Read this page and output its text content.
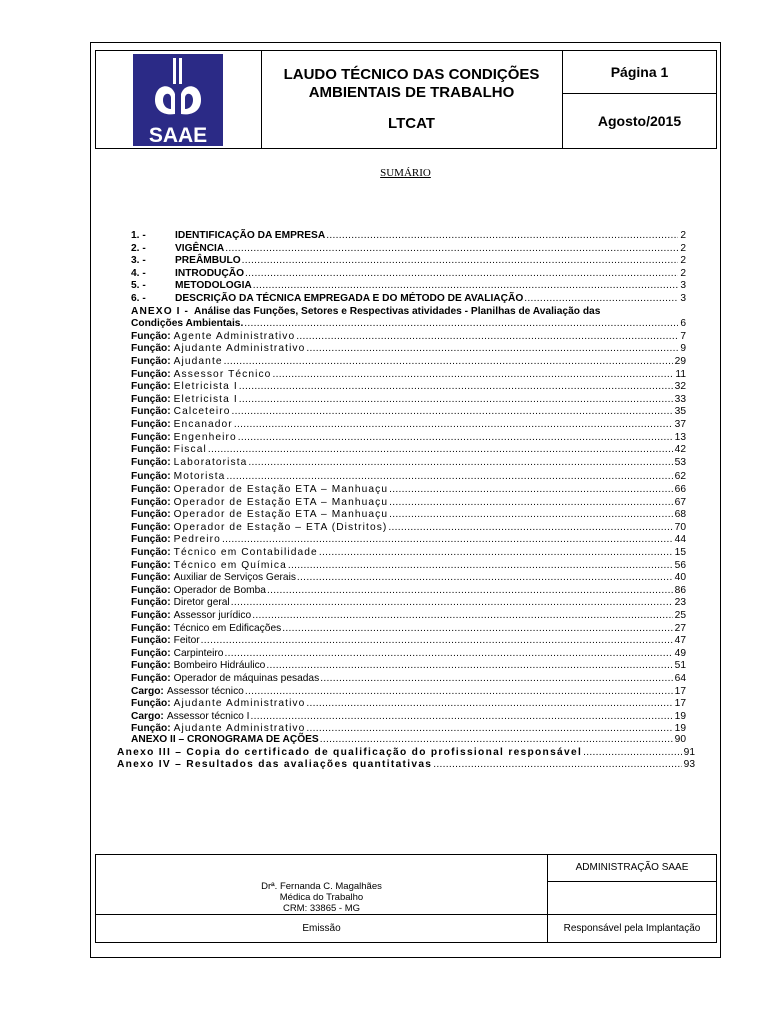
SAAE
LAUDO TÉCNICO DAS CONDIÇÕES
AMBIENTAIS DE TRABALHO
LTCAT
Página 1
Agosto/2015
SUMÁRIO
1. -	IDENTIFICAÇÃO DA EMPRESA .....	2
2. -	VIGÊNCIA .....	2
3. -	PREÂMBULO .....	2
4. -	INTRODUÇÃO .....	2
5. -	METODOLOGIA .....	3
6. -	DESCRIÇÃO DA TÉCNICA EMPREGADA E DO MÉTODO DE AVALIAÇÃO .....	3
ANEXO I - Análise das Funções, Setores e Respectivas atividades - Planilhas de Avaliação das
Condições Ambientais. .....	6
Função: Agente Administrativo .....	7
Função: Ajudante Administrativo .....	9
Função: Ajudante .....	29
Função: Assessor Técnico .....	11
Função: Eletricista I .....	32
Função: Eletricista I .....	33
Função: Calceteiro .....	35
Função: Encanador .....	37
Função: Engenheiro .....	13
Função: Fiscal .....	42
Função: Laboratorista .....	53
Função: Motorista .....	62
Função: Operador de Estação ETA – Manhuaçu .....	66
Função: Operador de Estação ETA – Manhuaçu .....	67
Função: Operador de Estação ETA – Manhuaçu .....	68
Função: Operador de Estação – ETA (Distritos) .....	70
Função: Pedreiro .....	44
Função: Técnico em Contabilidade .....	15
Função: Técnico em Química .....	56
Função: Auxiliar de Serviços Gerais .....	40
Função: Operador de Bomba .....	86
Função: Diretor geral .....	23
Função: Assessor jurídico .....	25
Função: Técnico em Edificações .....	27
Função: Feitor .....	47
Função: Carpinteiro .....	49
Função: Bombeiro Hidráulico .....	51
Função: Operador de máquinas pesadas .....	64
Cargo: Assessor técnico .....	17
Função: Ajudante Administrativo .....	17
Cargo: Assessor técnico I .....	19
Função: Ajudante Administrativo .....	19
ANEXO II – CRONOGRAMA DE AÇÕES .....	90
Anexo III – Copia do certificado de qualificação do profissional responsável .....	91
Anexo IV – Resultados das avaliações quantitativas .....	93
ADMINISTRAÇÃO SAAE
Drª. Fernanda C. Magalhães
Médica do Trabalho
CRM: 33865 - MG
Emissão	Responsável pela Implantação
